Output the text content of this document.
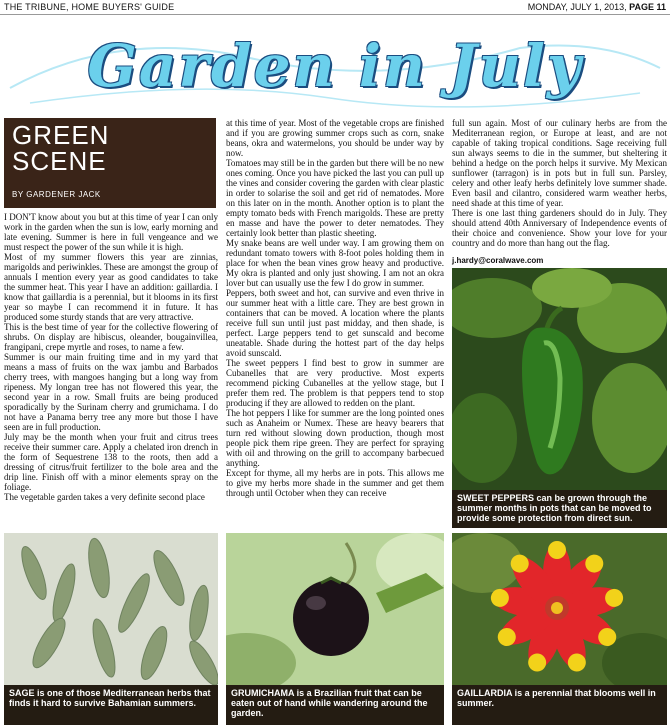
THE TRIBUNE, HOME BUYERS' GUIDE	MONDAY, JULY 1, 2013, PAGE 11
Garden in July
GREEN
SCENE
BY GARDENER JACK

I DON'T know about you but at this time of year I can only work in the garden when the sun is low, early morning and late evening. Summer is here in full vengeance and we must respect the power of the sun while it is high.

Most of my summer flowers this year are zinnias, marigolds and periwinkles. These are amongst the group of annuals I mention every year as good candidates to take the summer heat. This year I have an addition: gaillardia. I know that gaillardia is a perennial, but it blooms in its first year so maybe I can recommend it in future. It has produced some sturdy stands that are very attractive.

This is the best time of year for the collective flowering of shrubs. On display are hibiscus, oleander, bougainvillea, frangipani, crepe myrtle and roses, to name a few.

Summer is our main fruiting time and in my yard that means a mass of fruits on the wax jambu and Barbados cherry trees, with mangoes hanging but a long way from ripeness. My longan tree has not flowered this year, the second year in a row. Small fruits are being produced sporadically by the Surinam cherry and grumichama. I do not have a Panama berry tree any more but those I have seen are in full production.

July may be the month when your fruit and citrus trees receive their summer care. Apply a chelated iron drench in the form of Sequestrene 138 to the roots, then add a dressing of citrus/fruit fertilizer to the bole area and the drip line. Finish off with a minor elements spray on the foliage.

The vegetable garden takes a very definite second place

at this time of year. Most of the vegetable crops are finished and if you are growing summer crops such as corn, snake beans, okra and watermelons, you should be under way by now.

Tomatoes may still be in the garden but there will be no new ones coming. Once you have picked the last you can pull up the vines and consider covering the garden with clear plastic in order to solarise the soil and get rid of nematodes. More on this later on in the month. Another option is to plant the empty tomato beds with French marigolds. These are pretty en masse and have the power to deter nematodes. They certainly look better than plastic sheeting.

My snake beans are well under way. I am growing them on redundant tomato towers with 8-foot poles holding them in place for when the bean vines grow heavy and productive. My okra is planted and only just showing. I am not an okra lover but can usually use the few I do grow in summer.

Peppers, both sweet and hot, can survive and even thrive in our summer heat with a little care. They are best grown in containers that can be moved. A location where the plants receive full sun until just past midday, and then shade, is perfect. Large peppers tend to get sunscald and become uneatable. Shade during the hottest part of the day helps avoid sunscald.

The sweet peppers I find best to grow in summer are Cubanelles that are very productive. Most experts recommend picking Cubanelles at the yellow stage, but I prefer them red. The problem is that peppers tend to stop producing if they are allowed to redden on the plant.

The hot peppers I like for summer are the long pointed ones such as Anaheim or Numex. These are heavy bearers that turn red without slowing down production, though most people pick them ripe green. They are perfect for spraying with oil and throwing on the grill to accompany barbecued anything.

Except for thyme, all my herbs are in pots. This allows me to give my herbs more shade in the summer and get them through until October when they can receive

full sun again. Most of our culinary herbs are from the Mediterranean region, or Europe at least, and are not capable of taking tropical conditions. Sage receiving full sun always seems to die in the summer, but sheltering it behind a hedge on the porch helps it survive. My Mexican sunflower (tarragon) is in pots but in full sun. Parsley, celery and other leafy herbs definitely love summer shade. Even basil and cilantro, considered warm weather herbs, need shade at this time of year.

There is one last thing gardeners should do in July. They should attend 40th Anniversary of Independence events of their choice and convenience. Show your love for your country and do more than hang out the flag.

j.hardy@coralwave.com
SWEET PEPPERS can be grown through the summer months in pots that can be moved to provide some protection from direct sun.
SAGE is one of those Mediterranean herbs that finds it hard to survive Bahamian summers.
GRUMICHAMA is a Brazilian fruit that can be eaten out of hand while wandering around the garden.
GAILLARDIA is a perennial that blooms well in summer.
